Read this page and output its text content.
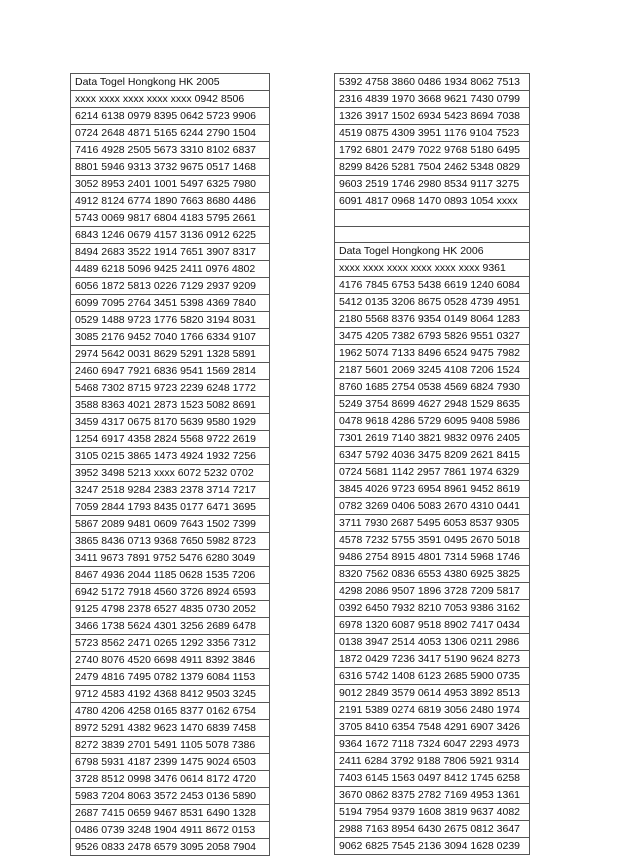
Data Togel Hongkong HK 2005
xxxx xxxx xxxx xxxx xxxx 0942 8506
6214 6138 0979 8395 0642 5723 9906
0724 2648 4871 5165 6244 2790 1504
7416 4928 2505 5673 3310 8102 6837
8801 5946 9313 3732 9675 0517 1468
3052 8953 2401 1001 5497 6325 7980
4912 8124 6774 1890 7663 8680 4486
5743 0069 9817 6804 4183 5795 2661
6843 1246 0679 4157 3136 0912 6225
8494 2683 3522 1914 7651 3907 8317
4489 6218 5096 9425 2411 0976 4802
6056 1872 5813 0226 7129 2937 9209
6099 7095 2764 3451 5398 4369 7840
0529 1488 9723 1776 5820 3194 8031
3085 2176 9452 7040 1766 6334 9107
2974 5642 0031 8629 5291 1328 5891
2460 6947 7921 6836 9541 1569 2814
5468 7302 8715 9723 2239 6248 1772
3588 8363 4021 2873 1523 5082 8691
3459 4317 0675 8170 5639 9580 1929
1254 6917 4358 2824 5568 9722 2619
3105 0215 3865 1473 4924 1932 7256
3952 3498 5213 xxxx 6072 5232 0702
3247 2518 9284 2383 2378 3714 7217
7059 2844 1793 8435 0177 6471 3695
5867 2089 9481 0609 7643 1502 7399
3865 8436 0713 9368 7650 5982 8723
3411 9673 7891 9752 5476 6280 3049
8467 4936 2044 1185 0628 1535 7206
6942 5172 7918 4560 3726 8924 6593
9125 4798 2378 6527 4835 0730 2052
3466 1738 5624 4301 3256 2689 6478
5723 8562 2471 0265 1292 3356 7312
2740 8076 4520 6698 4911 8392 3846
2479 4816 7495 0782 1379 6084 1153
9712 4583 4192 4368 8412 9503 3245
4780 4206 4258 0165 8377 0162 6754
8972 5291 4382 9623 1470 6839 7458
8272 3839 2701 5491 1105 5078 7386
6798 5931 4187 2399 1475 9024 6503
3728 8512 0998 3476 0614 8172 4720
5983 7204 8063 3572 2453 0136 5890
2687 7415 0659 9467 8531 6490 1328
0486 0739 3248 1904 4911 8672 0153
9526 0833 2478 6579 3095 2058 7904
5392 4758 3860 0486 1934 8062 7513
2316 4839 1970 3668 9621 7430 0799
1326 3917 1502 6934 5423 8694 7038
4519 0875 4309 3951 1176 9104 7523
1792 6801 2479 7022 9768 5180 6495
8299 8426 5281 7504 2462 5348 0829
9603 2519 1746 2980 8534 9117 3275
6091 4817 0968 1470 0893 1054 xxxx

Data Togel Hongkong HK 2006
xxxx xxxx xxxx xxxx xxxx xxxx 9361
4176 7845 6753 5438 6619 1240 6084
5412 0135 3206 8675 0528 4739 4951
2180 5568 8376 9354 0149 8064 1283
3475 4205 7382 6793 5826 9551 0327
1962 5074 7133 8496 6524 9475 7982
2187 5601 2069 3245 4108 7206 1524
8760 1685 2754 0538 4569 6824 7930
5249 3754 8699 4627 2948 1529 8635
0478 9618 4286 5729 6095 9408 5986
7301 2619 7140 3821 9832 0976 2405
6347 5792 4036 3475 8209 2621 8415
0724 5681 1142 2957 7861 1974 6329
3845 4026 9723 6954 8961 9452 8619
0782 3269 0406 5083 2670 4310 0441
3711 7930 2687 5495 6053 8537 9305
4578 7232 5755 3591 0495 2670 5018
9486 2754 8915 4801 7314 5968 1746
8320 7562 0836 6553 4380 6925 3825
4298 2086 9507 1896 3728 7209 5817
0392 6450 7932 8210 7053 9386 3162
6978 1320 6087 9518 8902 7417 0434
0138 3947 2514 4053 1306 0211 2986
1872 0429 7236 3417 5190 9624 8273
6316 5742 1408 6123 2685 5900 0735
9012 2849 3579 0614 4953 3892 8513
2191 5389 0274 6819 3056 2480 1974
3705 8410 6354 7548 4291 6907 3426
9364 1672 7118 7324 6047 2293 4973
2411 6284 3792 9188 7806 5921 9314
7403 6145 1563 0497 8412 1745 6258
3670 0862 8375 2782 7169 4953 1361
5194 7954 9379 1608 3819 9637 4082
2988 7163 8954 6430 2675 0812 3647
9062 6825 7545 2136 3094 1628 0239
